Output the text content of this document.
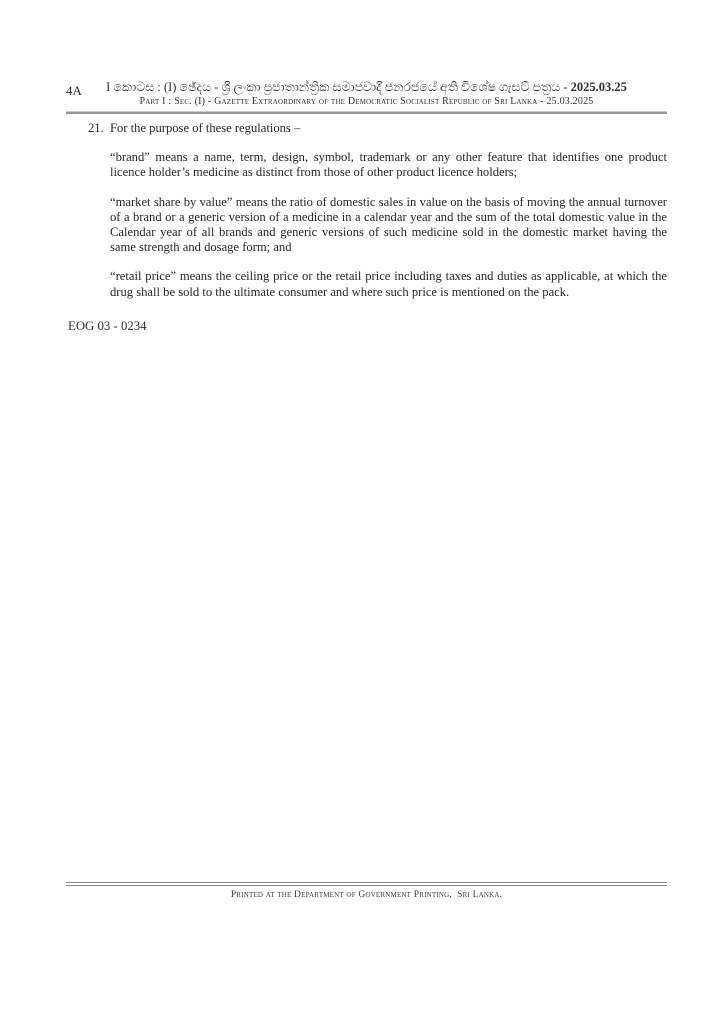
4A	I කොටස : (I) ඡේදය - ශ්‍රී ලංකා ප්‍රජාතාන්ත්‍රික සමාජවාදී ජනරජයේ අති විශේෂ ගැසට් පත්‍රය - 2025.03.25
Part I : Sec. (I) - Gazette Extraordinary of the Democratic Socialist Republic of Sri Lanka - 25.03.2025
21. For the purpose of these regulations –

“brand” means a name, term, design, symbol, trademark or any other feature that identifies one product licence holder’s medicine as distinct from those of other product licence holders;

“market share by value” means the ratio of domestic sales in value on the basis of moving the annual turnover of a brand or a generic version of a medicine in a calendar year and the sum of the total domestic value in the Calendar year of all brands and generic versions of such medicine sold in the domestic market having the same strength and dosage form; and

“retail price” means the ceiling price or the retail price including taxes and duties as applicable, at which the drug shall be sold to the ultimate consumer and where such price is mentioned on the pack.

EOG 03 - 0234
Printed at the Department of Government Printing,  Sri Lanka.
